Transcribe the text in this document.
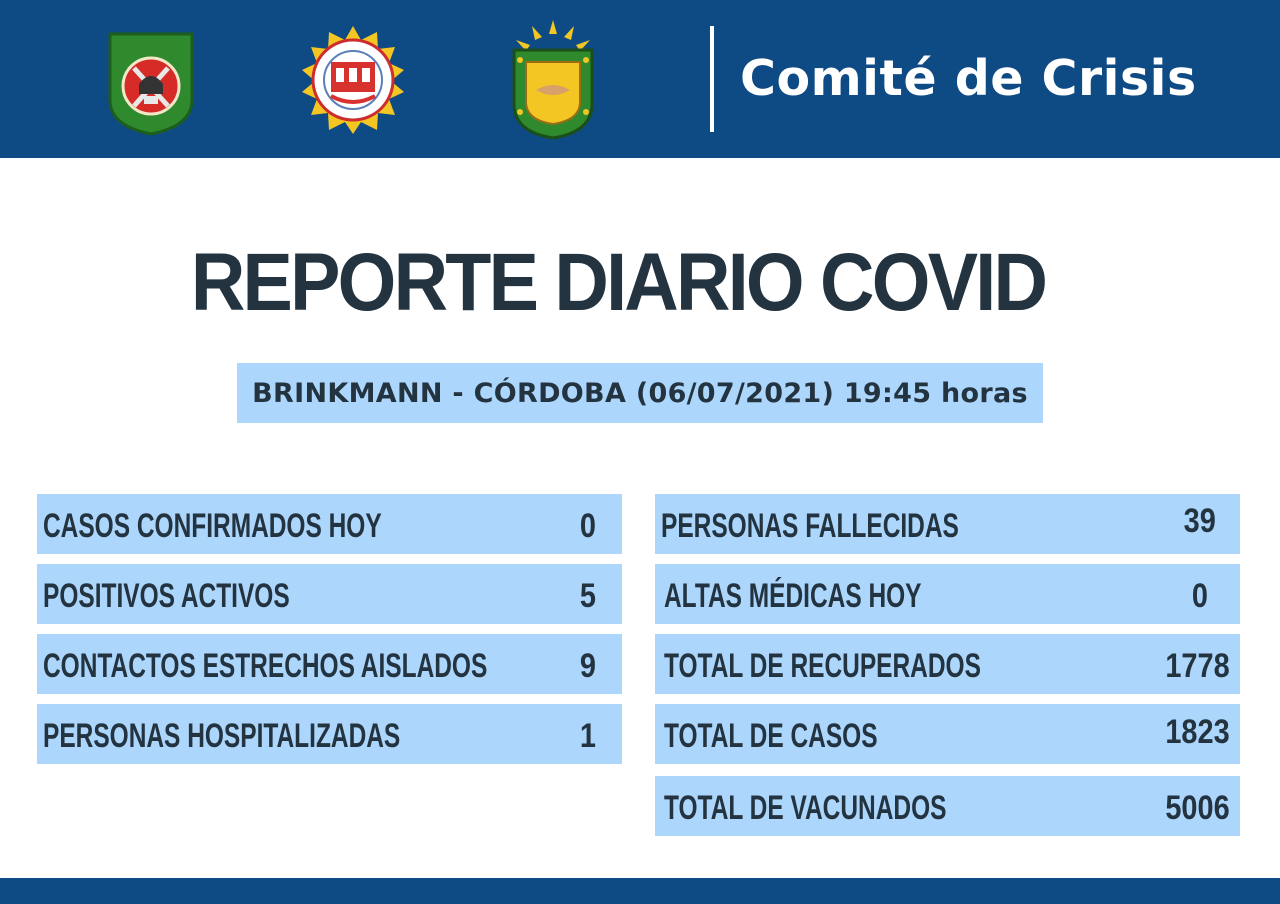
Comité de Crisis
REPORTE DIARIO COVID
BRINKMANN - CÓRDOBA (06/07/2021) 19:45 horas
CASOS CONFIRMADOS HOY	0
POSITIVOS ACTIVOS	5
CONTACTOS ESTRECHOS AISLADOS	9
PERSONAS HOSPITALIZADAS	1
PERSONAS FALLECIDAS	39
ALTAS MÉDICAS HOY	0
TOTAL DE RECUPERADOS	1778
TOTAL DE CASOS	1823
TOTAL DE VACUNADOS	5006
